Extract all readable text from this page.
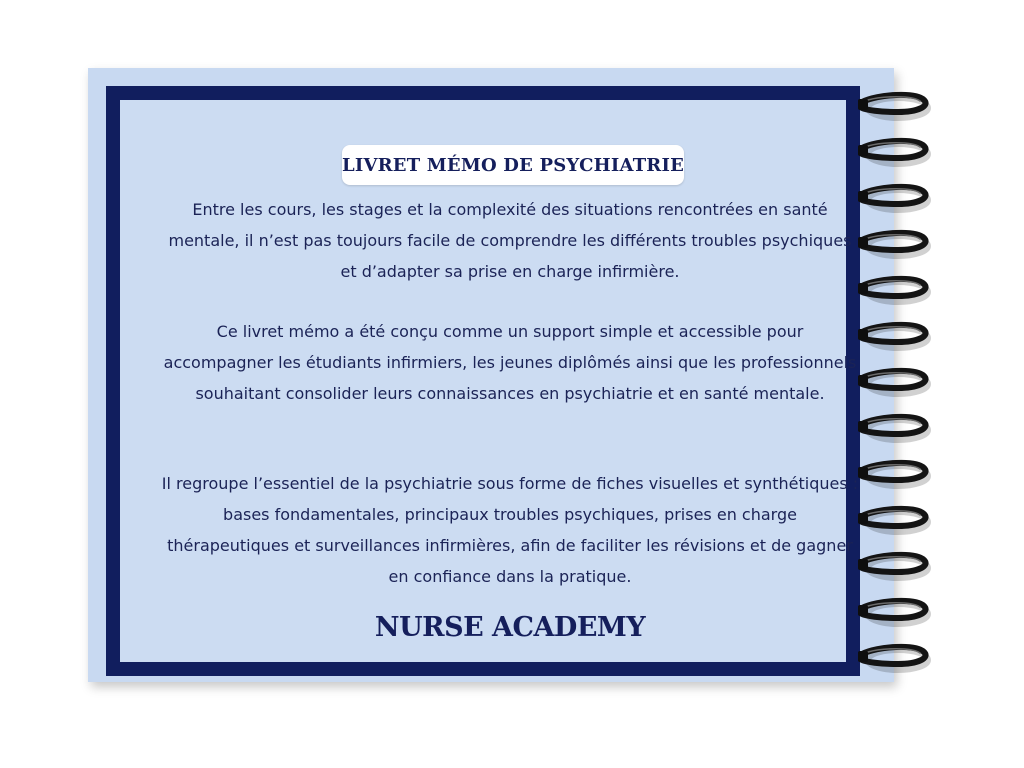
LIVRET MÉMO DE PSYCHIATRIE

Entre les cours, les stages et la complexité des situations rencontrées en santé mentale, il n’est pas toujours facile de comprendre les différents troubles psychiques et d’adapter sa prise en charge infirmière.

Ce livret mémo a été conçu comme un support simple et accessible pour accompagner les étudiants infirmiers, les jeunes diplômés ainsi que les professionnels souhaitant consolider leurs connaissances en psychiatrie et en santé mentale.

Il regroupe l’essentiel de la psychiatrie sous forme de fiches visuelles et synthétiques : bases fondamentales, principaux troubles psychiques, prises en charge thérapeutiques et surveillances infirmières, afin de faciliter les révisions et de gagner en confiance dans la pratique.

NURSE ACADEMY
